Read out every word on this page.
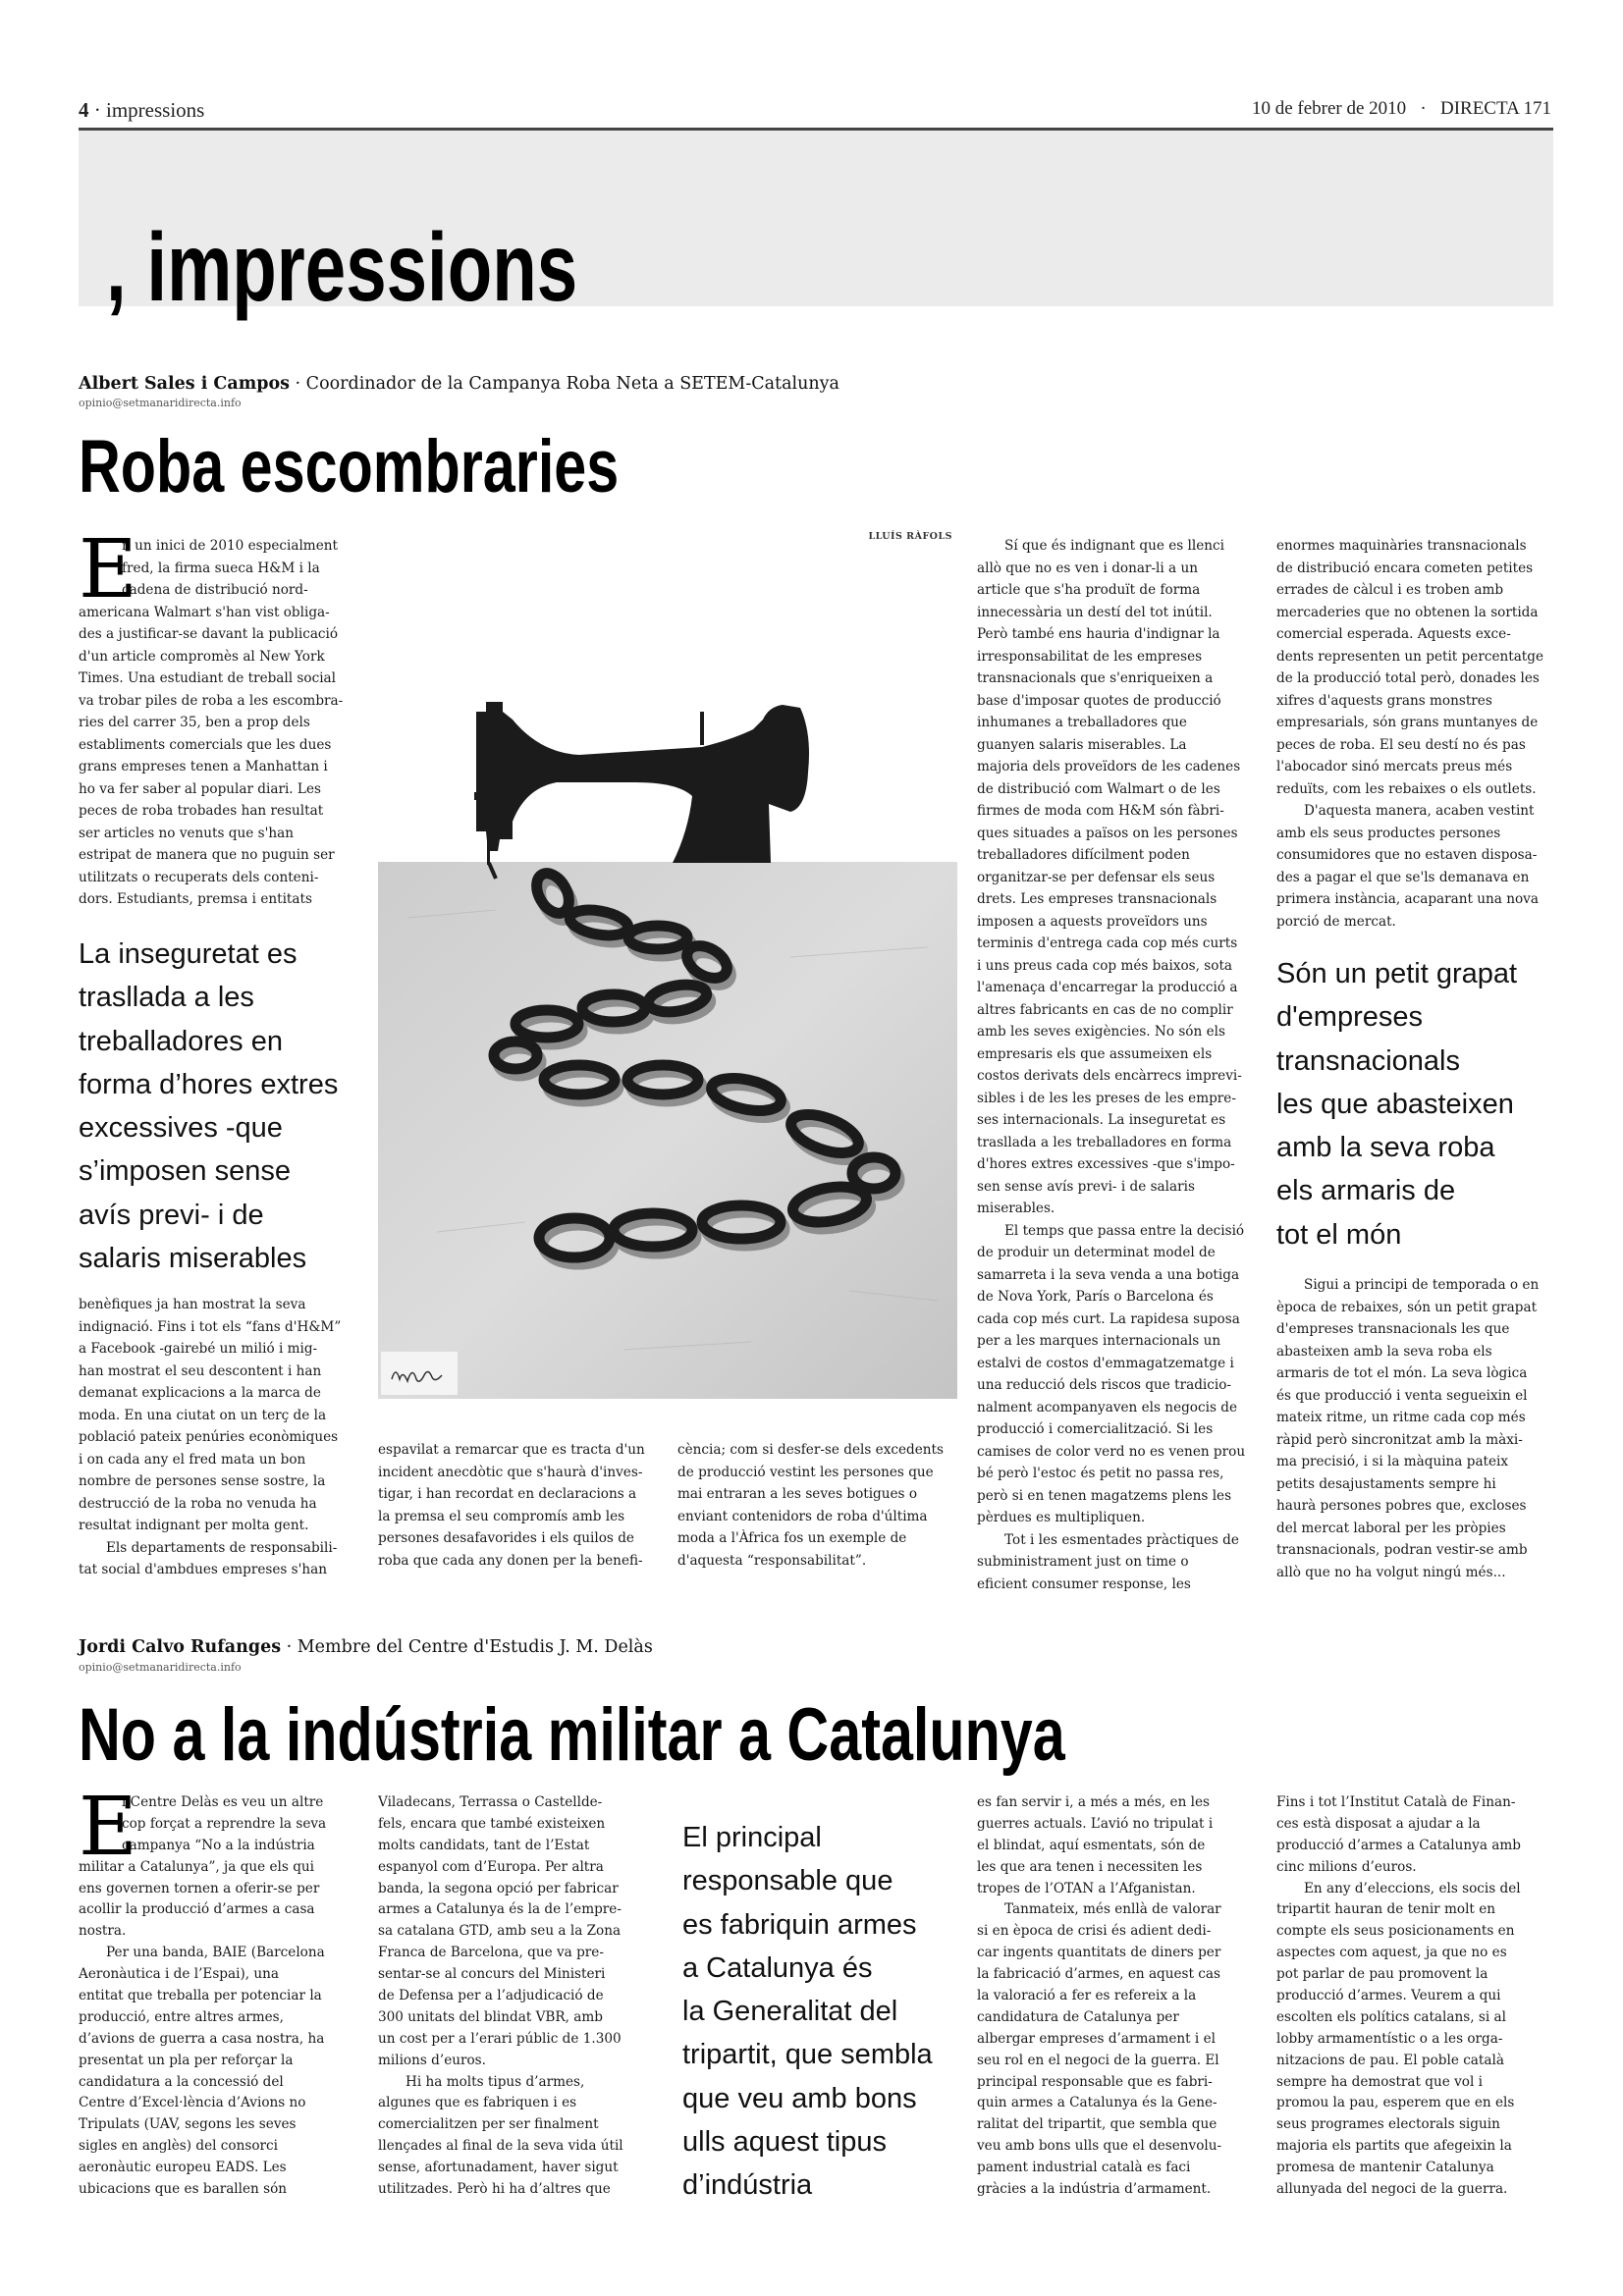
4 · impressions	10 de febrer de 2010 · DIRECTA 171
, impressions
Albert Sales i Campos · Coordinador de la Campanya Roba Neta a SETEM-Catalunya
opinio@setmanaridirecta.info
Roba escombraries
E
n un inici de 2010 especialment
fred, la firma sueca H&M i la
cadena de distribució nord-
americana Walmart s'han vist obliga-
des a justificar-se davant la publicació
d'un article compromès al New York
Times. Una estudiant de treball social
va trobar piles de roba a les escombra-
ries del carrer 35, ben a prop dels
establiments comercials que les dues
grans empreses tenen a Manhattan i
ho va fer saber al popular diari. Les
peces de roba trobades han resultat
ser articles no venuts que s'han
estripat de manera que no puguin ser
utilitzats o recuperats dels conteni-
dors. Estudiants, premsa i entitats
La inseguretat es
trasllada a les
treballadores en
forma d’hores extres
excessives -que
s’imposen sense
avís previ- i de
salaris miserables
benèfiques ja han mostrat la seva
indignació. Fins i tot els “fans d'H&M”
a Facebook -gairebé un milió i mig-
han mostrat el seu descontent i han
demanat explicacions a la marca de
moda. En una ciutat on un terç de la
població pateix penúries econòmiques
i on cada any el fred mata un bon
nombre de persones sense sostre, la
destrucció de la roba no venuda ha
resultat indignant per molta gent.
Els departaments de responsabili-
tat social d'ambdues empreses s'han
LLUÍS RÀFOLS
espavilat a remarcar que es tracta d'un
incident anecdòtic que s'haurà d'inves-
tigar, i han recordat en declaracions a
la premsa el seu compromís amb les
persones desafavorides i els quilos de
roba que cada any donen per la benefi-
cència; com si desfer-se dels excedents
de producció vestint les persones que
mai entraran a les seves botigues o
enviant contenidors de roba d'última
moda a l'Àfrica fos un exemple de
d'aquesta “responsabilitat”.
Sí que és indignant que es llenci
allò que no es ven i donar-li a un
article que s'ha produït de forma
innecessària un destí del tot inútil.
Però també ens hauria d'indignar la
irresponsabilitat de les empreses
transnacionals que s'enriqueixen a
base d'imposar quotes de producció
inhumanes a treballadores que
guanyen salaris miserables. La
majoria dels proveïdors de les cadenes
de distribució com Walmart o de les
firmes de moda com H&M són fàbri-
ques situades a països on les persones
treballadores difícilment poden
organitzar-se per defensar els seus
drets. Les empreses transnacionals
imposen a aquests proveïdors uns
terminis d'entrega cada cop més curts
i uns preus cada cop més baixos, sota
l'amenaça d'encarregar la producció a
altres fabricants en cas de no complir
amb les seves exigències. No són els
empresaris els que assumeixen els
costos derivats dels encàrrecs imprevi-
sibles i de les les preses de les empre-
ses internacionals. La inseguretat es
trasllada a les treballadores en forma
d'hores extres excessives -que s'impo-
sen sense avís previ- i de salaris
miserables.
El temps que passa entre la decisió
de produir un determinat model de
samarreta i la seva venda a una botiga
de Nova York, París o Barcelona és
cada cop més curt. La rapidesa suposa
per a les marques internacionals un
estalvi de costos d'emmagatzematge i
una reducció dels riscos que tradicio-
nalment acompanyaven els negocis de
producció i comercialització. Si les
camises de color verd no es venen prou
bé però l'estoc és petit no passa res,
però si en tenen magatzems plens les
pèrdues es multipliquen.
Tot i les esmentades pràctiques de
subministrament just on time o
eficient consumer response, les
enormes maquinàries transnacionals
de distribució encara cometen petites
errades de càlcul i es troben amb
mercaderies que no obtenen la sortida
comercial esperada. Aquests exce-
dents representen un petit percentatge
de la producció total però, donades les
xifres d'aquests grans monstres
empresarials, són grans muntanyes de
peces de roba. El seu destí no és pas
l'abocador sinó mercats preus més
reduïts, com les rebaixes o els outlets.
D'aquesta manera, acaben vestint
amb els seus productes persones
consumidores que no estaven disposa-
des a pagar el que se'ls demanava en
primera instància, acaparant una nova
porció de mercat.
Són un petit grapat
d'empreses
transnacionals
les que abasteixen
amb la seva roba
els armaris de
tot el món
Sigui a principi de temporada o en
època de rebaixes, són un petit grapat
d'empreses transnacionals les que
abasteixen amb la seva roba els
armaris de tot el món. La seva lògica
és que producció i venta segueixin el
mateix ritme, un ritme cada cop més
ràpid però sincronitzat amb la màxi-
ma precisió, i si la màquina pateix
petits desajustaments sempre hi
haurà persones pobres que, excloses
del mercat laboral per les pròpies
transnacionals, podran vestir-se amb
allò que no ha volgut ningú més...
Jordi Calvo Rufanges · Membre del Centre d'Estudis J. M. Delàs
opinio@setmanaridirecta.info
No a la indústria militar a Catalunya
E
l Centre Delàs es veu un altre
cop forçat a reprendre la seva
campanya “No a la indústria
militar a Catalunya”, ja que els qui
ens governen tornen a oferir-se per
acollir la producció d’armes a casa
nostra.
Per una banda, BAIE (Barcelona
Aeronàutica i de l’Espai), una
entitat que treballa per potenciar la
producció, entre altres armes,
d’avions de guerra a casa nostra, ha
presentat un pla per reforçar la
candidatura a la concessió del
Centre d’Excel·lència d’Avions no
Tripulats (UAV, segons les seves
sigles en anglès) del consorci
aeronàutic europeu EADS. Les
ubicacions que es barallen són
Viladecans, Terrassa o Castellde-
fels, encara que també existeixen
molts candidats, tant de l’Estat
espanyol com d’Europa. Per altra
banda, la segona opció per fabricar
armes a Catalunya és la de l’empre-
sa catalana GTD, amb seu a la Zona
Franca de Barcelona, que va pre-
sentar-se al concurs del Ministeri
de Defensa per a l’adjudicació de
300 unitats del blindat VBR, amb
un cost per a l’erari públic de 1.300
milions d’euros.
Hi ha molts tipus d’armes,
algunes que es fabriquen i es
comercialitzen per ser finalment
llençades al final de la seva vida útil
sense, afortunadament, haver sigut
utilitzades. Però hi ha d’altres que
El principal
responsable que
es fabriquin armes
a Catalunya és
la Generalitat del
tripartit, que sembla
que veu amb bons
ulls aquest tipus
d’indústria
es fan servir i, a més a més, en les
guerres actuals. L’avió no tripulat i
el blindat, aquí esmentats, són de
les que ara tenen i necessiten les
tropes de l’OTAN a l’Afganistan.
Tanmateix, més enllà de valorar
si en època de crisi és adient dedi-
car ingents quantitats de diners per
la fabricació d’armes, en aquest cas
la valoració a fer es refereix a la
candidatura de Catalunya per
albergar empreses d’armament i el
seu rol en el negoci de la guerra. El
principal responsable que es fabri-
quin armes a Catalunya és la Gene-
ralitat del tripartit, que sembla que
veu amb bons ulls que el desenvolu-
pament industrial català es faci
gràcies a la indústria d’armament.
Fins i tot l’Institut Català de Finan-
ces està disposat a ajudar a la
producció d’armes a Catalunya amb
cinc milions d’euros.
En any d’eleccions, els socis del
tripartit hauran de tenir molt en
compte els seus posicionaments en
aspectes com aquest, ja que no es
pot parlar de pau promovent la
producció d’armes. Veurem a qui
escolten els polítics catalans, si al
lobby armamentístic o a les orga-
nitzacions de pau. El poble català
sempre ha demostrat que vol i
promou la pau, esperem que en els
seus programes electorals siguin
majoria els partits que afegeixin la
promesa de mantenir Catalunya
allunyada del negoci de la guerra.
